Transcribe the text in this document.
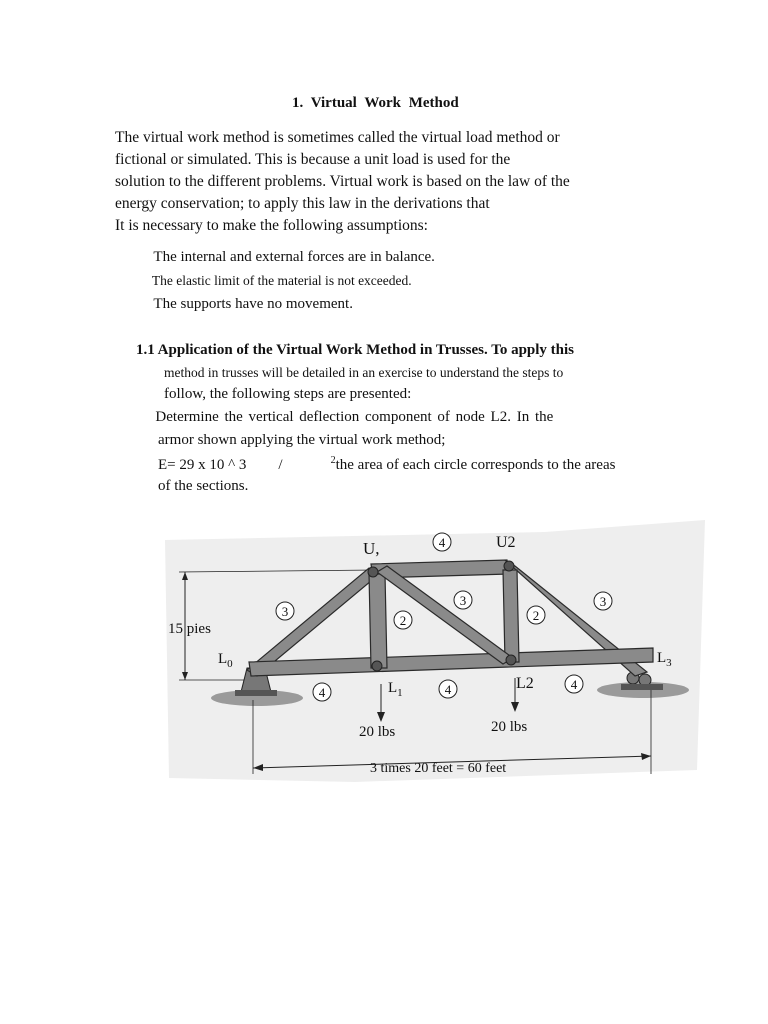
1. Virtual Work Method
The virtual work method is sometimes called the virtual load method or
fictional or simulated. This is because a unit load is used for the
solution to the different problems. Virtual work is based on the law of the
energy conservation; to apply this law in the derivations that
It is necessary to make the following assumptions:
The internal and external forces are in balance.
The elastic limit of the material is not exceeded.
The supports have no movement.
1.1 Application of the Virtual Work Method in Trusses. To apply this
method in trusses will be detailed in an exercise to understand the steps to
follow, the following steps are presented:
Determine the vertical deflection component of node L2. In the
armor shown applying the virtual work method;
E= 29 x 10 ^ 3 /	$^2$the area of each circle corresponds to the areas
of the sections.
4
3
2
3
2
3
4	4	4
U,	U2
15 pies
$L_0$
$L_1$
L2
$L_3$
20 lbs	20 lbs
3 times 20 feet = 60 feet
